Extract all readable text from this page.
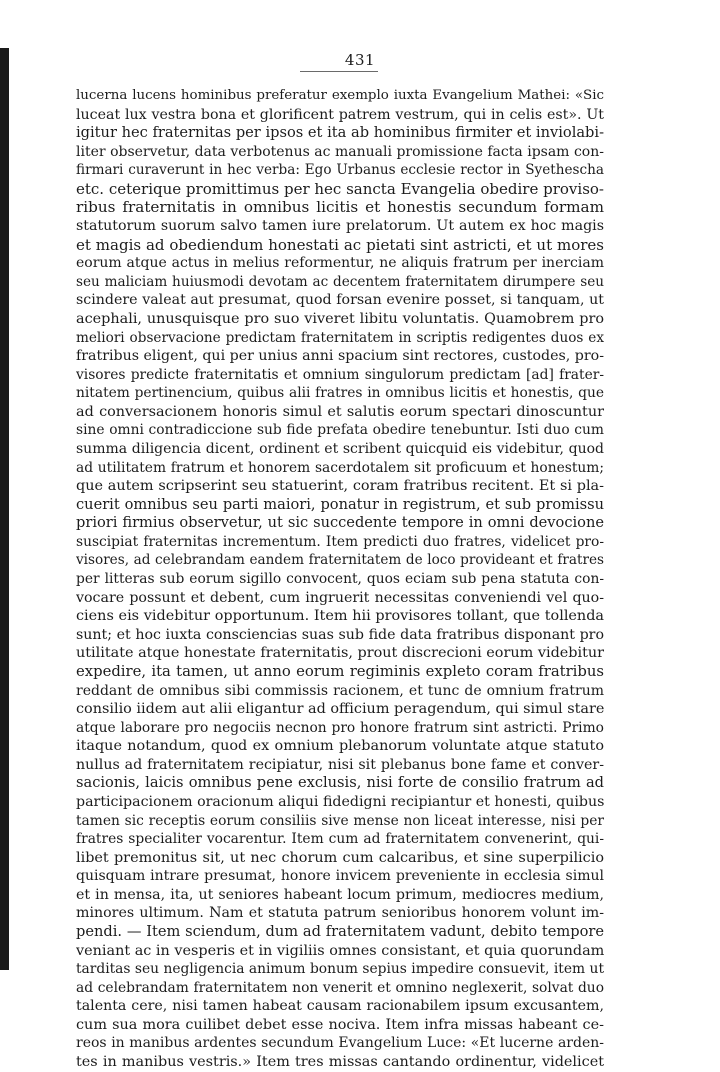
431
lucerna lucens hominibus preferatur exemplo iuxta Evangelium Mathei: «Sic
luceat lux vestra bona et glorificent patrem vestrum, qui in celis est». Ut
igitur hec fraternitas per ipsos et ita ab hominibus firmiter et inviolabi-
liter observetur, data verbotenus ac manuali promissione facta ipsam con-
firmari curaverunt in hec verba: Ego Urbanus ecclesie rector in Syethescha
etc. ceterique promittimus per hec sancta Evangelia obedire proviso-
ribus fraternitatis in omnibus licitis et honestis secundum formam
statutorum suorum salvo tamen iure prelatorum. Ut autem ex hoc magis
et magis ad obediendum honestati ac pietati sint astricti, et ut mores
eorum atque actus in melius reformentur, ne aliquis fratrum per inerciam
seu maliciam huiusmodi devotam ac decentem fraternitatem dirumpere seu
scindere valeat aut presumat, quod forsan evenire posset, si tanquam, ut
acephali, unusquisque pro suo viveret libitu voluntatis. Quamobrem pro
meliori observacione predictam fraternitatem in scriptis redigentes duos ex
fratribus eligent, qui per unius anni spacium sint rectores, custodes, pro-
visores predicte fraternitatis et omnium singulorum predictam [ad] frater-
nitatem pertinencium, quibus alii fratres in omnibus licitis et honestis, que
ad conversacionem honoris simul et salutis eorum spectari dinoscuntur
sine omni contradiccione sub fide prefata obedire tenebuntur. Isti duo cum
summa diligencia dicent, ordinent et scribent quicquid eis videbitur, quod
ad utilitatem fratrum et honorem sacerdotalem sit proficuum et honestum;
que autem scripserint seu statuerint, coram fratribus recitent. Et si pla-
cuerit omnibus seu parti maiori, ponatur in registrum, et sub promissu
priori firmius observetur, ut sic succedente tempore in omni devocione
suscipiat fraternitas incrementum. Item predicti duo fratres, videlicet pro-
visores, ad celebrandam eandem fraternitatem de loco provideant et fratres
per litteras sub eorum sigillo convocent, quos eciam sub pena statuta con-
vocare possunt et debent, cum ingruerit necessitas conveniendi vel quo-
ciens eis videbitur opportunum. Item hii provisores tollant, que tollenda
sunt; et hoc iuxta consciencias suas sub fide data fratribus disponant pro
utilitate atque honestate fraternitatis, prout discrecioni eorum videbitur
expedire, ita tamen, ut anno eorum regiminis expleto coram fratribus
reddant de omnibus sibi commissis racionem, et tunc de omnium fratrum
consilio iidem aut alii eligantur ad officium peragendum, qui simul stare
atque laborare pro negociis necnon pro honore fratrum sint astricti. Primo
itaque notandum, quod ex omnium plebanorum voluntate atque statuto
nullus ad fraternitatem recipiatur, nisi sit plebanus bone fame et conver-
sacionis, laicis omnibus pene exclusis, nisi forte de consilio fratrum ad
participacionem oracionum aliqui fidedigni recipiantur et honesti, quibus
tamen sic receptis eorum consiliis sive mense non liceat interesse, nisi per
fratres specialiter vocarentur. Item cum ad fraternitatem convenerint, qui-
libet premonitus sit, ut nec chorum cum calcaribus, et sine superpilicio
quisquam intrare presumat, honore invicem preveniente in ecclesia simul
et in mensa, ita, ut seniores habeant locum primum, mediocres medium,
minores ultimum. Nam et statuta patrum senioribus honorem volunt im-
pendi. — Item sciendum, dum ad fraternitatem vadunt, debito tempore
veniant ac in vesperis et in vigiliis omnes consistant, et quia quorundam
tarditas seu negligencia animum bonum sepius impedire consuevit, item ut
ad celebrandam fraternitatem non venerit et omnino neglexerit, solvat duo
talenta cere, nisi tamen habeat causam racionabilem ipsum excusantem,
cum sua mora cuilibet debet esse nociva. Item infra missas habeant ce-
reos in manibus ardentes secundum Evangelium Luce: «Et lucerne arden-
tes in manibus vestris.» Item tres missas cantando ordinentur, videlicet
